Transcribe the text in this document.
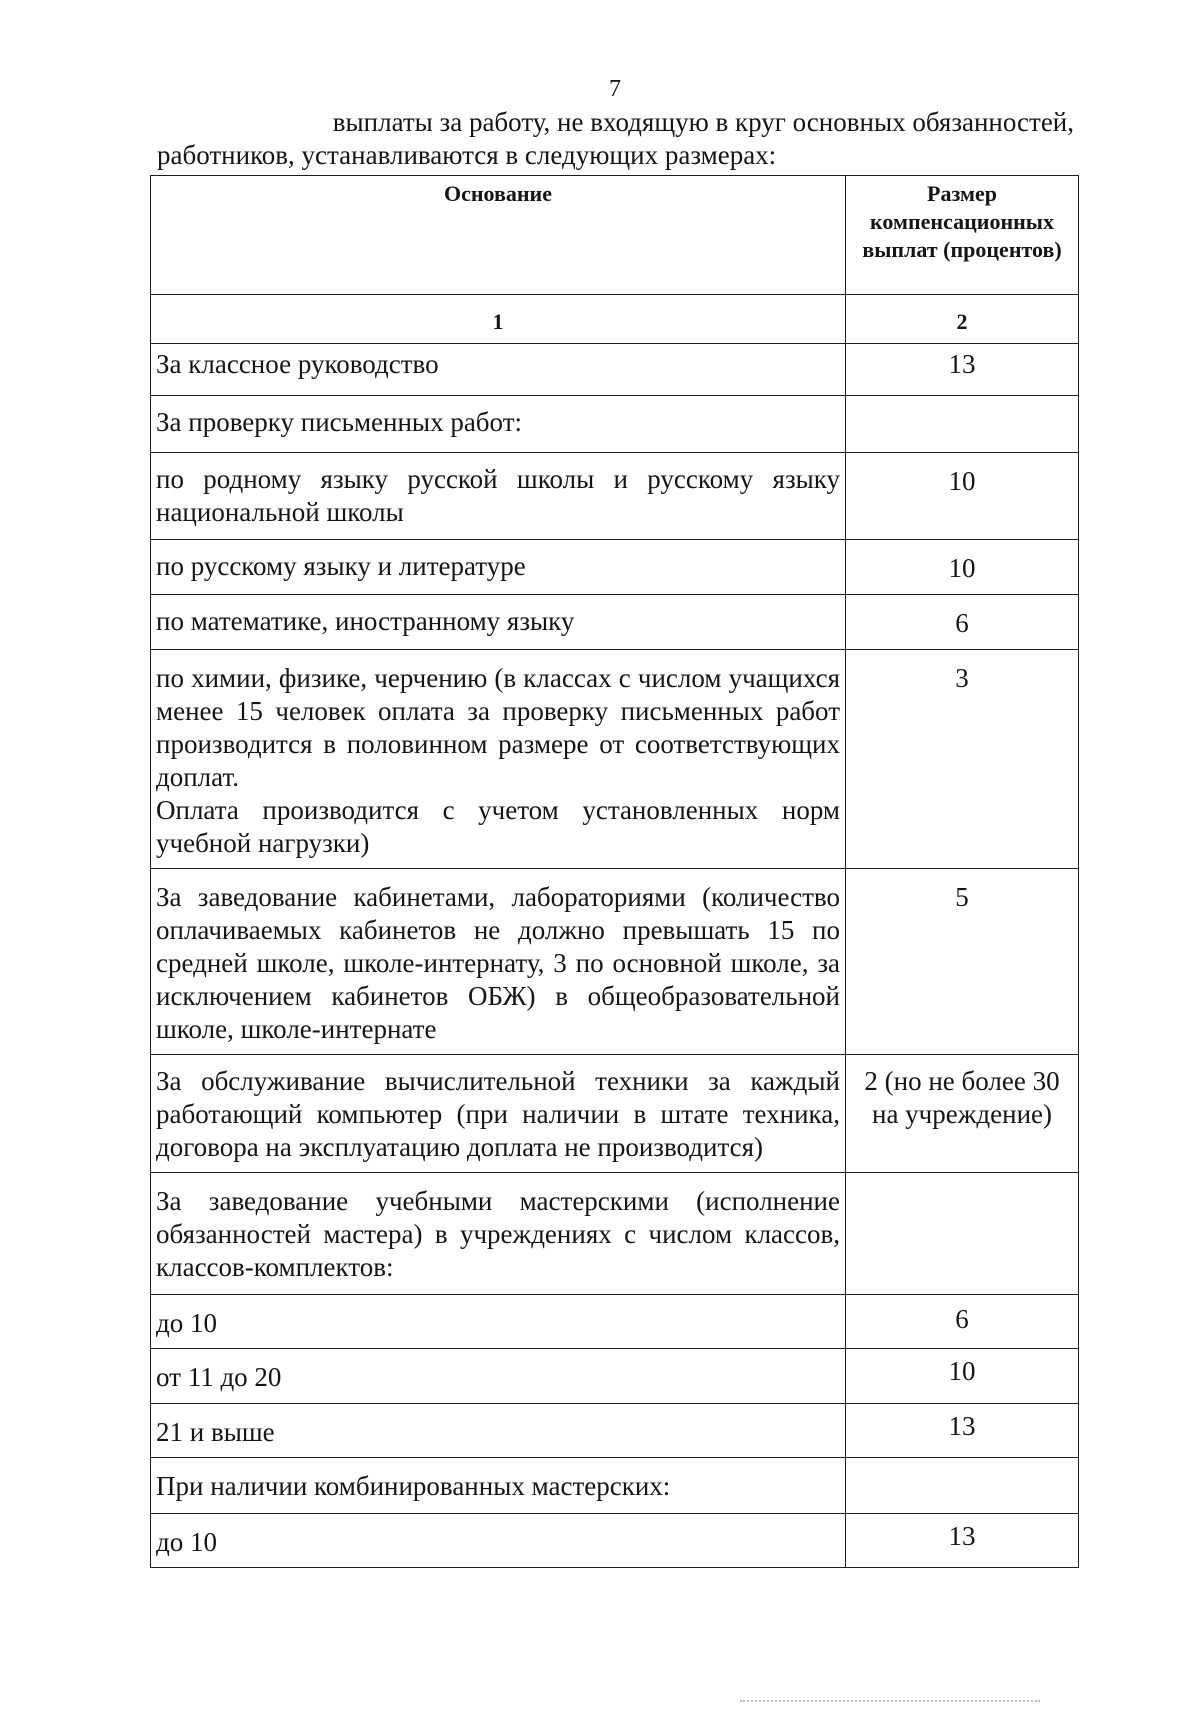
7
выплаты за работу, не входящую в круг основных обязанностей,
работников, устанавливаются в следующих размерах:
Основание	Размер компенсационных выплат (процентов)
1	2
За классное руководство	13
За проверку письменных работ:	
по родному языку русской школы и русскому языку национальной школы	10
по русскому языку и литературе	10
по математике, иностранному языку	6

по химии, физике, черчению (в классах с числом учащихся менее 15 человек оплата за проверку письменных работ производится в половинном размере от соответствующих доплат.
Оплата производится с учетом установленных норм учебной нагрузки)	3
За заведование кабинетами, лабораториями (количество оплачиваемых кабинетов не должно превышать 15 по средней школе, школе-интернату, 3 по основной школе, за исключением кабинетов ОБЖ) в общеобразовательной школе, школе-интернате	5
За обслуживание вычислительной техники за каждый работающий компьютер (при наличии в штате техника, договора на эксплуатацию доплата не производится)	2 (но не более 30 на учреждение)
За заведование учебными мастерскими (исполнение обязанностей мастера) в учреждениях с числом классов, классов-комплектов:	
до 10	6
от 11 до 20	10
21 и выше	13
При наличии комбинированных мастерских:	
до 10	13
